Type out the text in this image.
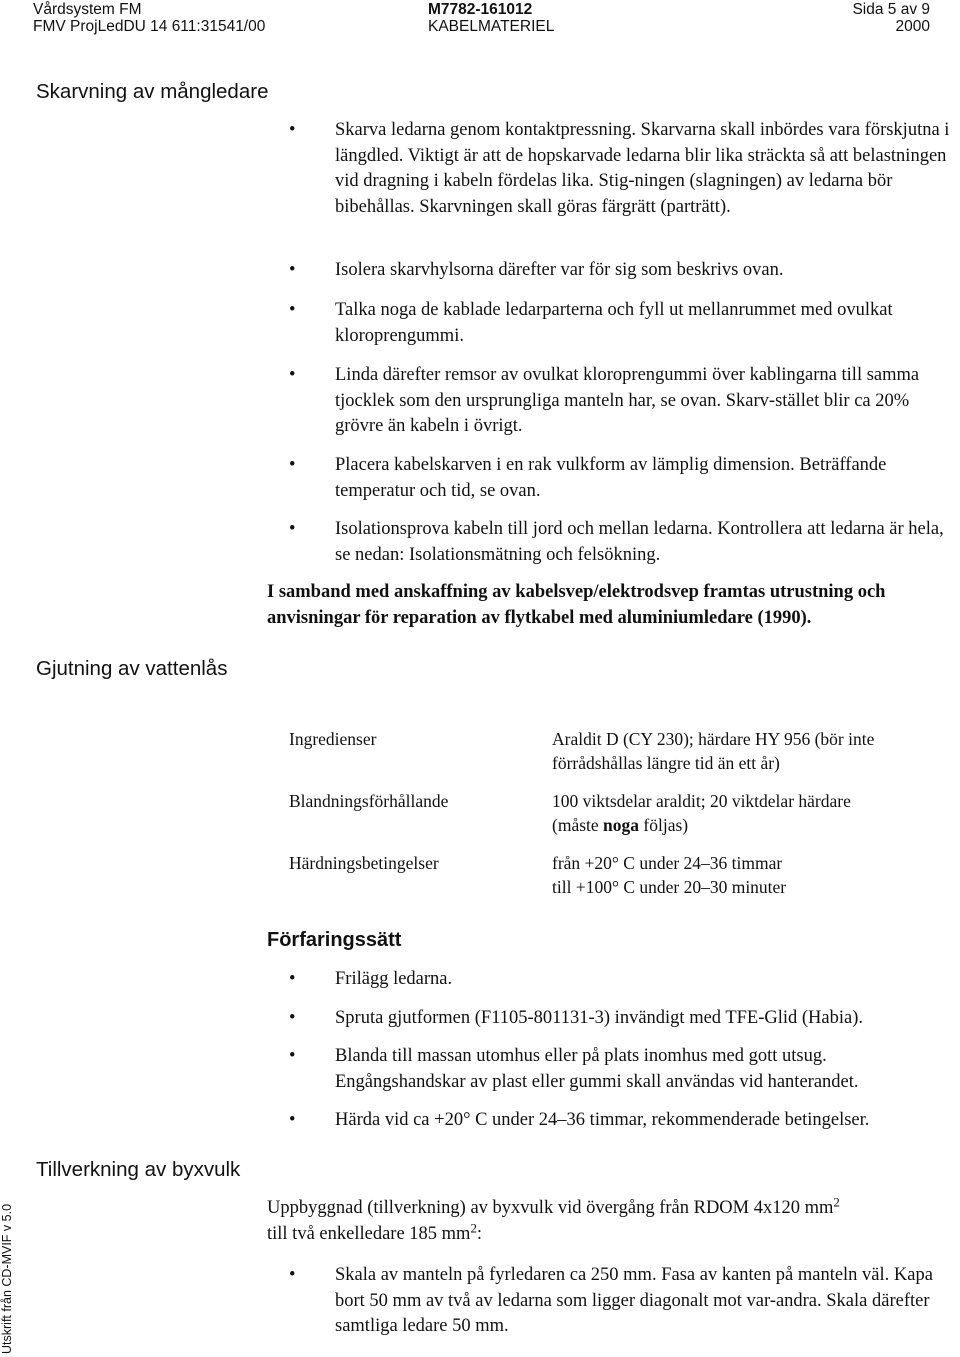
Vårdsystem FM
FMV ProjLedDU 14 611:31541/00
M7782-161012
KABELMATERIEL
Sida 5 av 9
2000
Skarvning av mångledare
• Skarva ledarna genom kontaktpressning. Skarvarna skall inbördes vara förskjutna i längdled. Viktigt är att de hopskarvade ledarna blir lika sträckta så att belastningen vid dragning i kabeln fördelas lika. Stig-ningen (slagningen) av ledarna bör bibehållas. Skarvningen skall göras färgrätt (parträtt).
• Isolera skarvhylsorna därefter var för sig som beskrivs ovan.
• Talka noga de kablade ledarparterna och fyll ut mellanrummet med ovulkat kloroprengummi.
• Linda därefter remsor av ovulkat kloroprengummi över kablingarna till samma tjocklek som den ursprungliga manteln har, se ovan. Skarv-stället blir ca 20% grövre än kabeln i övrigt.
• Placera kabelskarven i en rak vulkform av lämplig dimension. Beträffande temperatur och tid, se ovan.
• Isolationsprova kabeln till jord och mellan ledarna. Kontrollera att ledarna är hela, se nedan: Isolationsmätning och felsökning.
I samband med anskaffning av kabelsvep/elektrodsvep framtas utrustning och anvisningar för reparation av flytkabel med aluminiumledare (1990).
Gjutning av vattenlås
Ingredienser	Araldit D (CY 230); härdare HY 956 (bör inte
förrådshållas längre tid än ett år)
Blandningsförhållande	100 viktsdelar araldit; 20 viktdelar härdare
(måste noga följas)
Härdningsbetingelser	från +20° C under 24–36 timmar
till +100° C under 20–30 minuter
Förfaringssätt
• Frilägg ledarna.
• Spruta gjutformen (F1105-801131-3) invändigt med TFE-Glid (Habia).
• Blanda till massan utomhus eller på plats inomhus med gott utsug. Engångshandskar av plast eller gummi skall användas vid hanterandet.
• Härda vid ca +20° C under 24–36 timmar, rekommenderade betingelser.
Tillverkning av byxvulk
Uppbyggnad (tillverkning) av byxvulk vid övergång från RDOM 4x120 $mm^2$
till två enkelledare 185 $mm^2$:
• Skala av manteln på fyrledaren ca 250 mm. Fasa av kanten på manteln väl. Kapa bort 50 mm av två av ledarna som ligger diagonalt mot var-andra. Skala därefter samtliga ledare 50 mm.
Utskrift från CD-MVIF v 5.0
